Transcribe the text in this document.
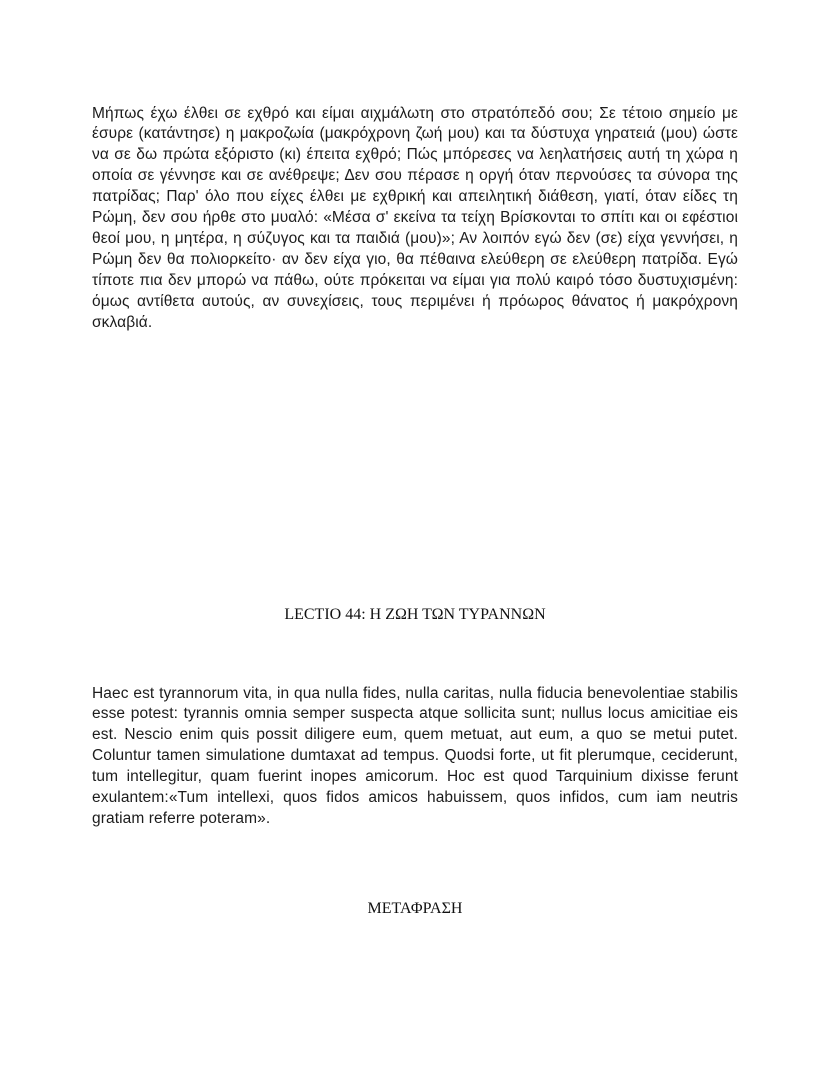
Μήπως έχω έλθει σε εχθρό και είμαι αιχμάλωτη στο στρατόπεδό σου; Σε τέτοιο σημείο με έσυρε (κατάντησε) η μακροζωία (μακρόχρονη ζωή μου) και τα δύστυχα γηρατειά (μου) ώστε να σε δω πρώτα εξόριστο (κι) έπειτα εχθρό; Πώς μπόρεσες να λεηλατήσεις αυτή τη χώρα η οποία σε γέννησε και σε ανέθρεψε; Δεν σου πέρασε η οργή όταν περνούσες τα σύνορα της πατρίδας; Παρ' όλο που είχες έλθει με εχθρική και απειλητική διάθεση, γιατί, όταν είδες τη Ρώμη, δεν σου ήρθε στο μυαλό: «Μέσα σ' εκείνα τα τείχη Βρίσκονται το σπίτι και οι εφέστιοι θεοί μου, η μητέρα, η σύζυγος και τα παιδιά (μου)»; Αν λοιπόν εγώ δεν (σε) είχα γεννήσει, η Ρώμη δεν θα πολιορκείτο· αν δεν είχα γιο, θα πέθαινα ελεύθερη σε ελεύθερη πατρίδα. Εγώ τίποτε πια δεν μπορώ να πάθω, ούτε πρόκειται να είμαι για πολύ καιρό τόσο δυστυχισμένη: όμως αντίθετα αυτούς, αν συνεχίσεις, τους περιμένει ή πρόωρος θάνατος ή μακρόχρονη σκλαβιά.

LECTIO 44: Η ΖΩΗ ΤΩΝ ΤΥΡΑΝΝΩΝ

Haec est tyrannorum vita, in qua nulla fides, nulla caritas, nulla fiducia benevolentiae stabilis esse potest: tyrannis omnia semper suspecta atque sollicita sunt; nullus locus amicitiae eis est. Nescio enim quis possit diligere eum, quem metuat, aut eum, a quo se metui putet. Coluntur tamen simulatione dumtaxat ad tempus. Quodsi forte, ut fit plerumque, ceciderunt, tum intellegitur, quam fuerint inopes amicorum. Hoc est quod Tarquinium dixisse ferunt exulantem:«Tum intellexi, quos fidos amicos habuissem, quos infidos, cum iam neutris gratiam referre poteram».

ΜΕΤΑΦΡΑΣΗ
